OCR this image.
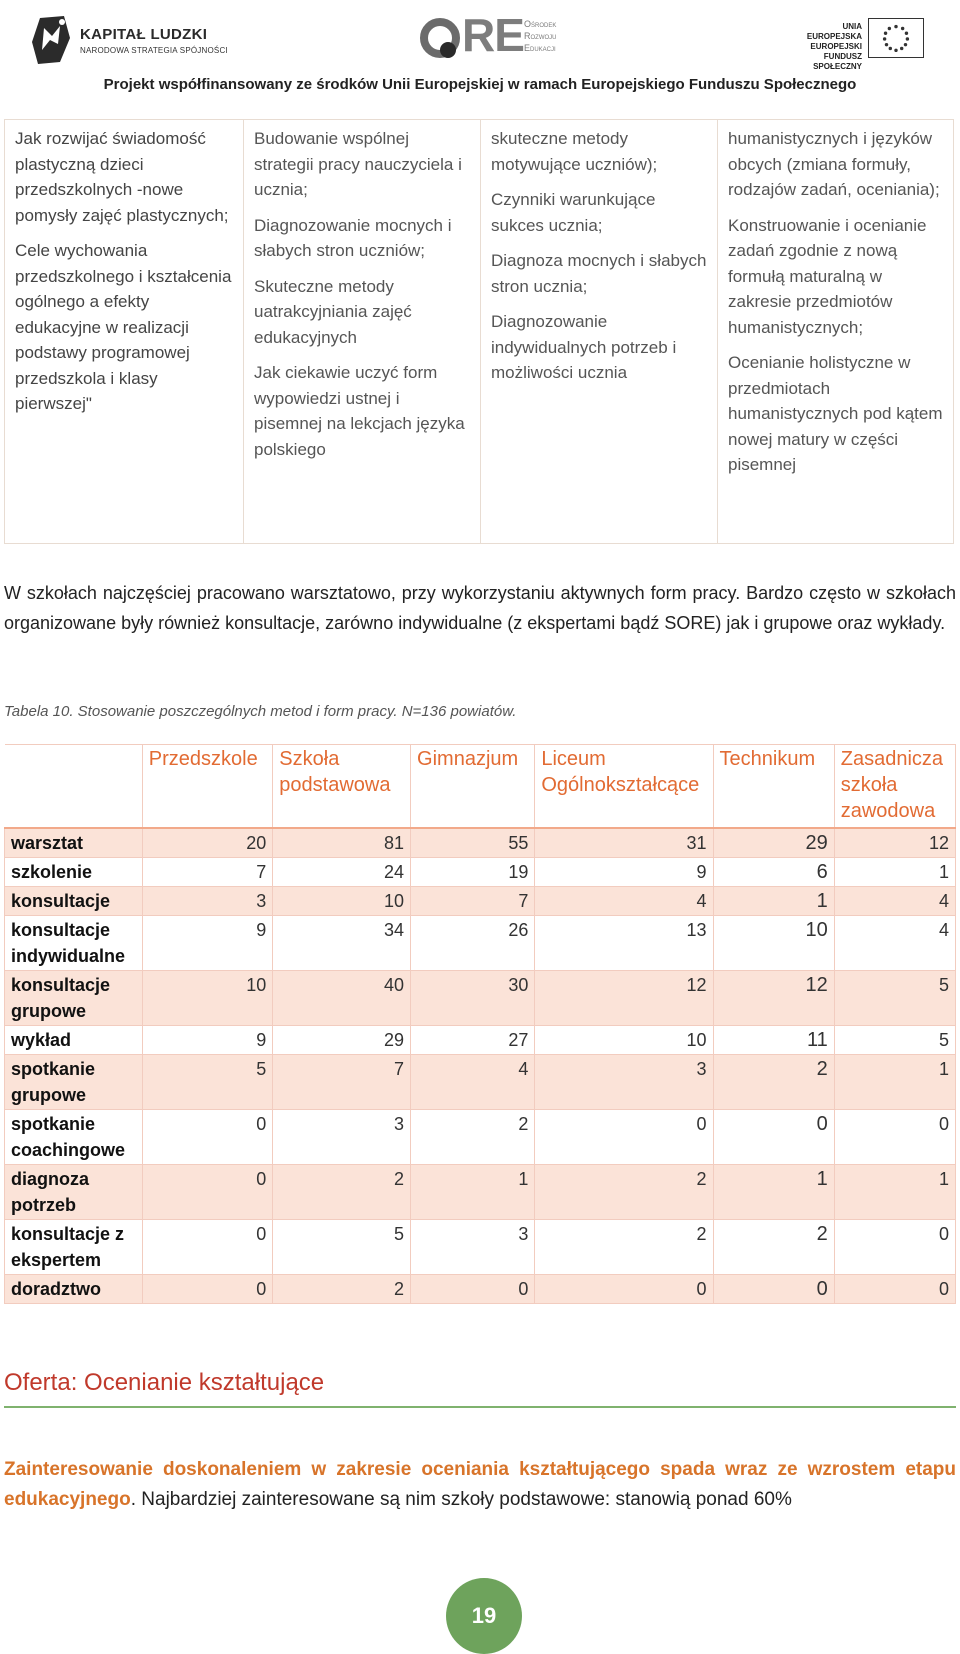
KAPITAŁ LUDZKI
NARODOWA STRATEGIA SPÓJNOŚCI	RE Ośrodek
Rozwoju
Edukacji
UNIA EUROPEJSKA
EUROPEJSKI
FUNDUSZ SPOŁECZNY
Projekt współfinansowany ze środków Unii Europejskiej w ramach Europejskiego Funduszu Społecznego

Jak rozwijać świadomość plastyczną dzieci przedszkolnych -nowe pomysły zajęć plastycznych;

Cele wychowania przedszkolnego i kształcenia ogólnego a efekty edukacyjne w realizacji podstawy programowej przedszkola i klasy pierwszej"

Budowanie wspólnej strategii pracy nauczyciela i ucznia;

Diagnozowanie mocnych i słabych stron uczniów;

Skuteczne metody uatrakcyjniania zajęć edukacyjnych

Jak ciekawie uczyć form wypowiedzi ustnej i pisemnej na lekcjach języka polskiego

skuteczne metody motywujące uczniów);

Czynniki warunkujące sukces ucznia;

Diagnoza mocnych i słabych stron ucznia;

Diagnozowanie indywidualnych potrzeb i możliwości ucznia

humanistycznych i języków obcych (zmiana formuły, rodzajów zadań, oceniania);

Konstruowanie i ocenianie zadań zgodnie z nową formułą maturalną w zakresie przedmiotów humanistycznych;

Ocenianie holistyczne w przedmiotach humanistycznych pod kątem nowej matury w części pisemnej

W szkołach najczęściej pracowano warsztatowo, przy wykorzystaniu aktywnych form pracy. Bardzo często w szkołach organizowane były również konsultacje, zarówno indywidualne (z ekspertami bądź SORE) jak i grupowe oraz wykłady.

Tabela 10. Stosowanie poszczególnych metod i form pracy. N=136 powiatów.
	Przedszkole	Szkoła podstawowa	Gimnazjum	Liceum Ogólnokształcące	Technikum	Zasadnicza szkoła zawodowa
warsztat	20	81	55	31	29	12
szkolenie	7	24	19	9	6	1
konsultacje	3	10	7	4	1	4
konsultacje indywidualne	9	34	26	13	10	4
konsultacje grupowe	10	40	30	12	12	5
wykład	9	29	27	10	11	5
spotkanie grupowe	5	7	4	3	2	1
spotkanie coachingowe	0	3	2	0	0	0
diagnoza potrzeb	0	2	1	2	1	1
konsultacje z ekspertem	0	5	3	2	2	0
doradztwo	0	2	0	0	0	0
Oferta: Ocenianie kształtujące

Zainteresowanie doskonaleniem w zakresie oceniania kształtującego spada wraz ze wzrostem etapu edukacyjnego. Najbardziej zainteresowane są nim szkoły podstawowe: stanowią ponad 60%

19
